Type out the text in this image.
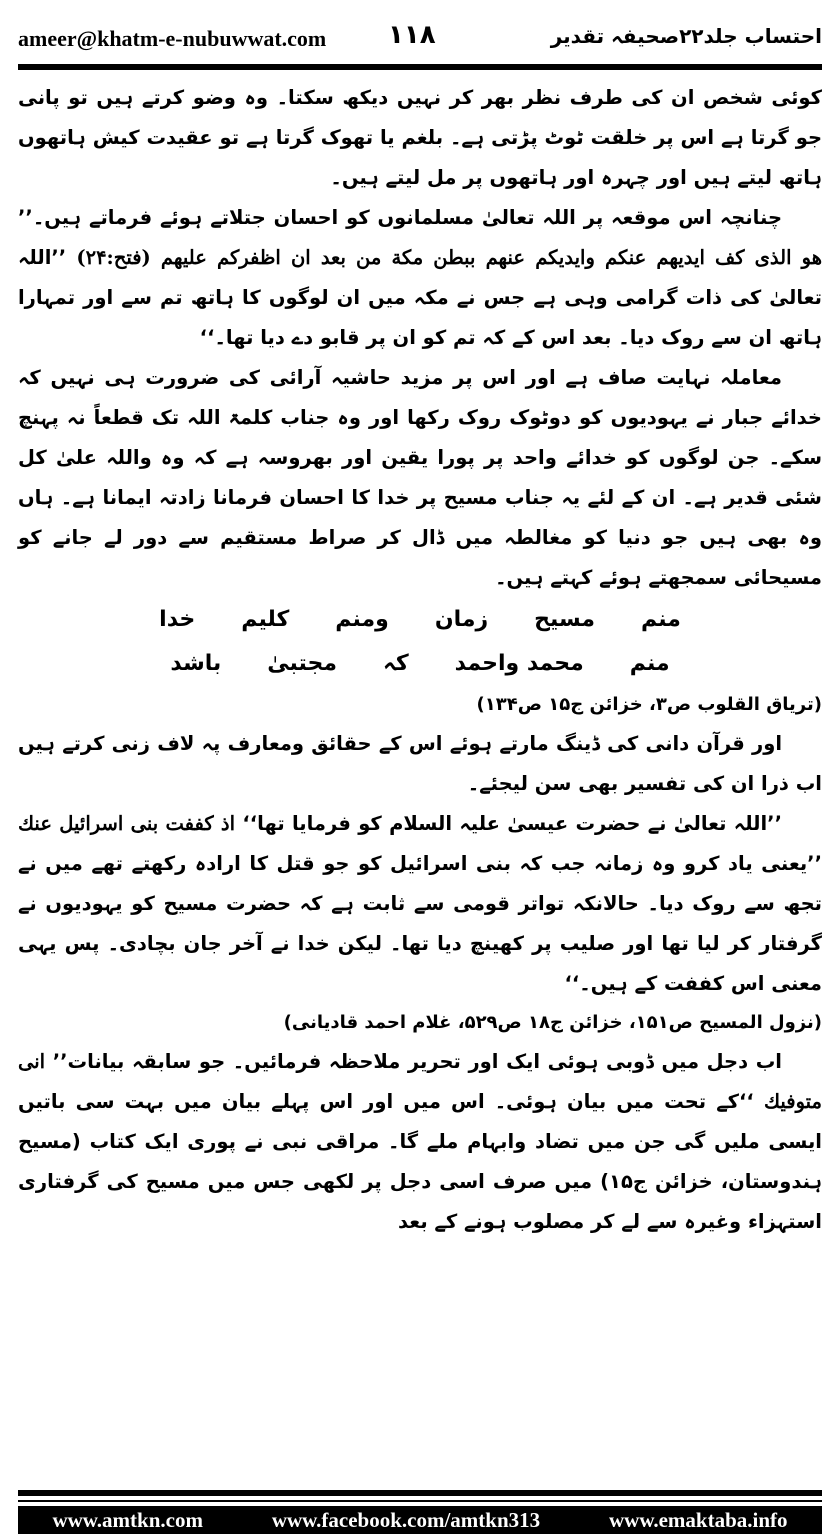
ameer@khatm-e-nubuwwat.com ۱۱۸	احتساب جلد۲۲صحیفہ تقدیر

کوئی شخص ان کی طرف نظر بھر کر نہیں دیکھ سکتا۔ وہ وضو کرتے ہیں تو پانی جو گرتا ہے اس پر خلقت ٹوٹ پڑتی ہے۔ بلغم یا تھوک گرتا ہے تو عقیدت کیش ہاتھوں ہاتھ لیتے ہیں اور چہرہ اور ہاتھوں پر مل لیتے ہیں۔

چنانچہ اس موقعہ پر اللہ تعالیٰ مسلمانوں کو احسان جتلاتے ہوئے فرماتے ہیں۔’’ ھو الذی کف ایدیھم عنکم وایدیکم عنھم ببطن مکة من بعد ان اظفرکم علیھم (فتح:۲۴) ’’اللہ تعالیٰ کی ذات گرامی وہی ہے جس نے مکہ میں ان لوگوں کا ہاتھ تم سے اور تمہارا ہاتھ ان سے روک دیا۔ بعد اس کے کہ تم کو ان پر قابو دے دیا تھا۔‘‘

معاملہ نہایت صاف ہے اور اس پر مزید حاشیہ آرائی کی ضرورت ہی نہیں کہ خدائے جبار نے یہودیوں کو دوٹوک روک رکھا اور وہ جناب کلمۃ اللہ تک قطعاً نہ پہنچ سکے۔ جن لوگوں کو خدائے واحد پر پورا یقین اور بھروسہ ہے کہ وہ واللہ علیٰ کل شئی قدیر ہے۔ ان کے لئے یہ جناب مسیح پر خدا کا احسان فرمانا زادتہ ایمانا ہے۔ ہاں وہ بھی ہیں جو دنیا کو مغالطہ میں ڈال کر صراط مستقیم سے دور لے جانے کو مسیحائی سمجھتے ہوئے کہتے ہیں۔

منم
مسیح
زمان
ومنم
کلیم
خدا
منم
محمد واحمد
کہ
مجتبیٰ
باشد

(تریاق القلوب ص۳، خزائن ج۱۵ ص۱۳۴)

اور قرآن دانی کی ڈینگ مارتے ہوئے اس کے حقائق ومعارف پہ لاف زنی کرتے ہیں اب ذرا ان کی تفسیر بھی سن لیجئے۔

’’اللہ تعالیٰ نے حضرت عیسیٰ علیہ السلام کو فرمایا تھا‘‘ اذ کففت بنی اسرائیل عنك ’’یعنی یاد کرو وہ زمانہ جب کہ بنی اسرائیل کو جو قتل کا ارادہ رکھتے تھے میں نے تجھ سے روک دیا۔ حالانکہ تواتر قومی سے ثابت ہے کہ حضرت مسیح کو یہودیوں نے گرفتار کر لیا تھا اور صلیب پر کھینچ دیا تھا۔ لیکن خدا نے آخر جان بچادی۔ پس یہی معنی اس کففت کے ہیں۔‘‘

(نزول المسیح ص۱۵۱، خزائن ج۱۸ ص۵۲۹، غلام احمد قادیانی)

اب دجل میں ڈوبی ہوئی ایک اور تحریر ملاحظہ فرمائیں۔ جو سابقہ بیانات’’ انی متوفیك ‘‘کے تحت میں بیان ہوئی۔ اس میں اور اس پہلے بیان میں بہت سی باتیں ایسی ملیں گی جن میں تضاد وابہام ملے گا۔ مراقی نبی نے پوری ایک کتاب (مسیح ہندوستان، خزائن ج۱۵) میں صرف اسی دجل پر لکھی جس میں مسیح کی گرفتاری استہزاء وغیرہ سے لے کر مصلوب ہونے کے بعد

www.amtkn.com	www.facebook.com/amtkn313	www.emaktaba.info
